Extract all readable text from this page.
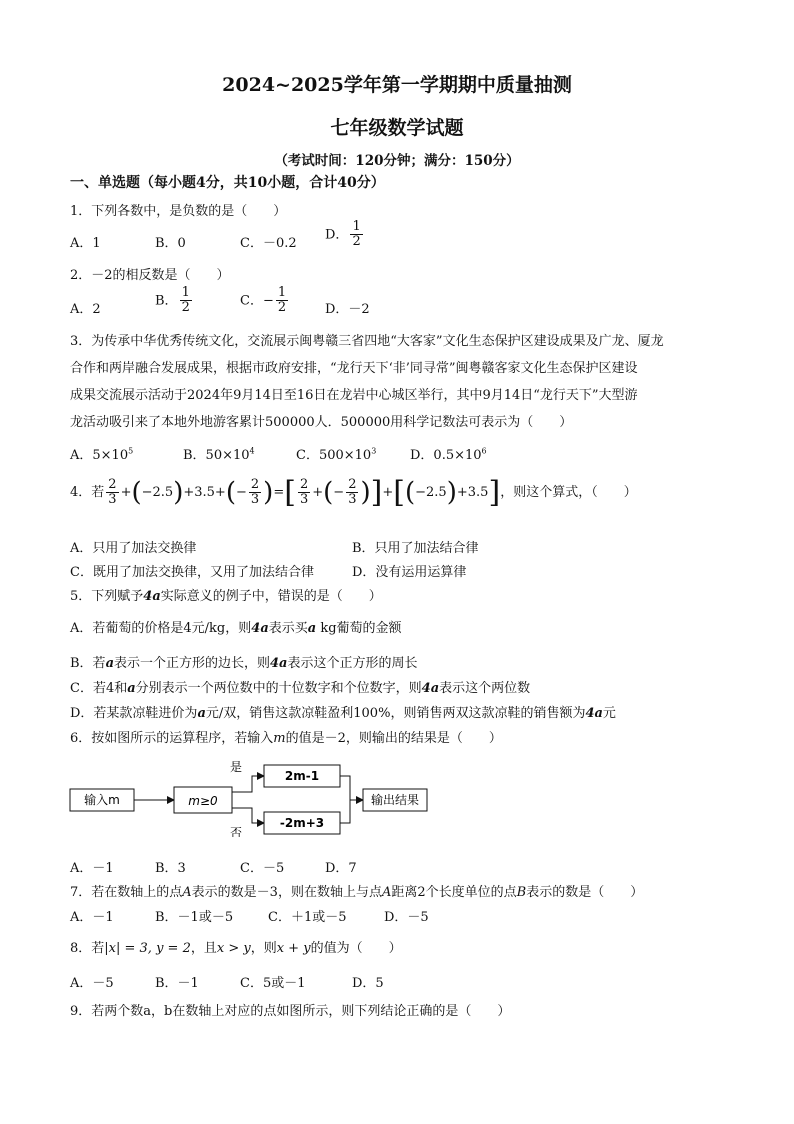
2024~2025学年第一学期期中质量抽测
七年级数学试题
（考试时间：120分钟；满分：150分）
一、单选题（每小题4分，共10小题，合计40分）
1．下列各数中，是负数的是（　　）
A．1	B．0	C．－0.2
D． $\frac{1}{2}$
2．－2的相反数是（　　）
A．2
B． $\frac{1}{2}$	C．− $\frac{1}{2}$	D．－2
3．为传承中华优秀传统文化，交流展示闽粤赣三省四地“大客家”文化生态保护区建设成果及广龙、厦龙
合作和两岸融合发展成果，根据市政府安排，“龙行天下‘非’同寻常”闽粤赣客家文化生态保护区建设
成果交流展示活动于2024年9月14日至16日在龙岩中心城区举行，其中9月14日“龙行天下”大型游
龙活动吸引来了本地外地游客累计500000人．500000用科学记数法可表示为（　　）
A．$5\times 10^5$	B．$50\times 10^4$	C．$500\times 10^3$	D．$0.5\times 10^6$
4．若 $\frac{2}{3} +(-2.5)+3.5+(- \frac{2}{3}$ )=[ $\frac{2}{3}$ +(− $\frac{2}{3} )]+[(-2.5)+3.5]$，则这个算式，（　　）
A．只用了加法交换律	B．只用了加法结合律
C．既用了加法交换律，又用了加法结合律	D．没有运用运算律
5．下列赋予4a实际意义的例子中，错误的是（　　）
A．若葡萄的价格是4元/kg，则4a表示买a kg葡萄的金额
B．若a表示一个正方形的边长，则4a表示这个正方形的周长
C．若4和a分别表示一个两位数中的十位数字和个位数字，则4a表示这个两位数
D．若某款凉鞋进价为a元/双，销售这款凉鞋盈利100%，则销售两双这款凉鞋的销售额为4a元
6．按如图所示的运算程序，若输入m的值是－2，则输出的结果是（　　）
输入m	m≥0
是
否
2m-1
-2m+3
输出结果
A．－1	B．3	C．－5	D．7
7．若在数轴上的点A表示的数是－3，则在数轴上与点A距离2个长度单位的点B表示的数是（　　）
A．－1	B．－1或－5	C．＋1或－5	D．－5
8．若|x| = 3, y = 2，且x > y，则x + y的值为（　　）
A．－5	B．－1	C．5或－1	D．5
9．若两个数a，b在数轴上对应的点如图所示，则下列结论正确的是（　　）
